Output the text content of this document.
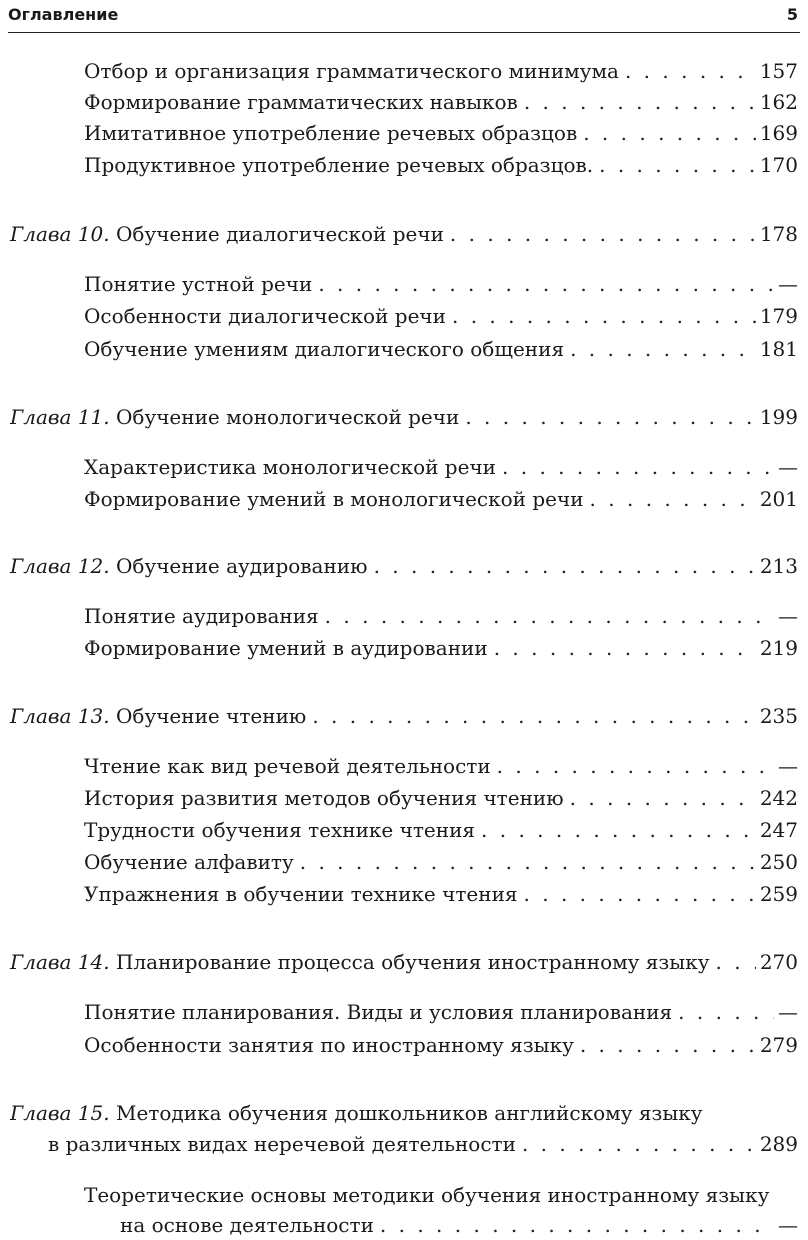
Оглавление	5
Отбор и организация грамматического минимума . . .	157
Формирование грамматических навыков . . .	162
Имитативное употребление речевых образцов . . .	169
Продуктивное употребление речевых образцов. . . .	170
Глава 10. Обучение диалогической речи . . .	178
Понятие устной речи . . .	—
Особенности диалогической речи . . .	179
Обучение умениям диалогического общения . . .	181
Глава 11. Обучение монологической речи . . .	199
Характеристика монологической речи . . .	—
Формирование умений в монологической речи . . .	201
Глава 12. Обучение аудированию . . .	213
Понятие аудирования . . .	—
Формирование умений в аудировании . . .	219
Глава 13. Обучение чтению . . .	235
Чтение как вид речевой деятельности . . .	—
История развития методов обучения чтению . . .	242
Трудности обучения технике чтения . . .	247
Обучение алфавиту . . .	250
Упражнения в обучении технике чтения . . .	259
Глава 14. Планирование процесса обучения иностранному языку . . .	270
Понятие планирования. Виды и условия планирования . . .	—
Особенности занятия по иностранному языку . . .	279
Глава 15. Методика обучения дошкольников английскому языку
в различных видах неречевой деятельности . . .	289
Теоретические основы методики обучения иностранному языку
на основе деятельности . . .	—
